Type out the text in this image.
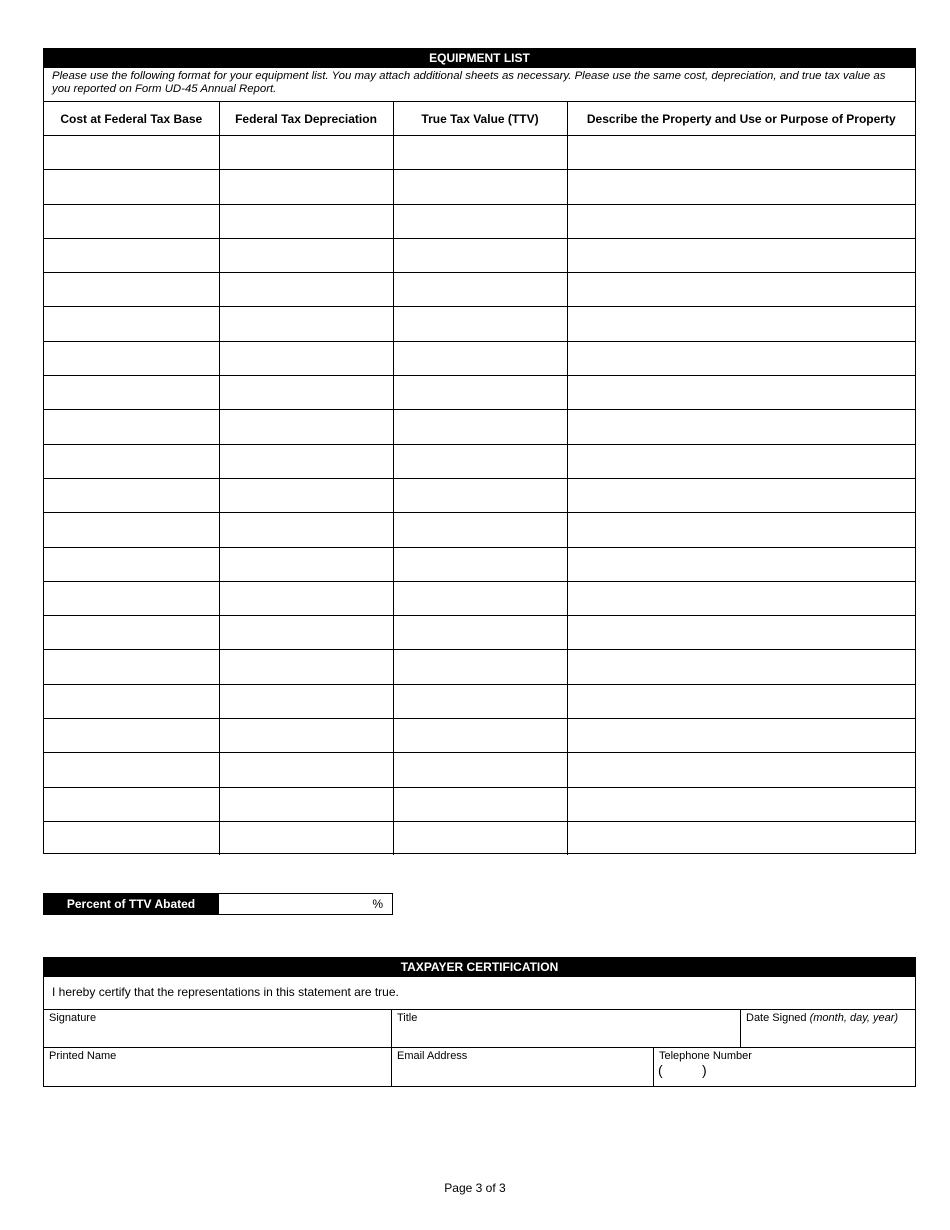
EQUIPMENT LIST
Please use the following format for your equipment list. You may attach additional sheets as necessary. Please use the same cost, depreciation, and true tax value as you reported on Form UD-45 Annual Report.
Cost at Federal Tax Base	Federal Tax Depreciation	True Tax Value (TTV)	Describe the Property and Use or Purpose of Property

Percent of TTV Abated	%
TAXPAYER CERTIFICATION
I hereby certify that the representations in this statement are true.
Signature	Title	Date Signed (month, day, year)
Printed Name	Email Address	Telephone Number
(	)
Page 3 of 3
